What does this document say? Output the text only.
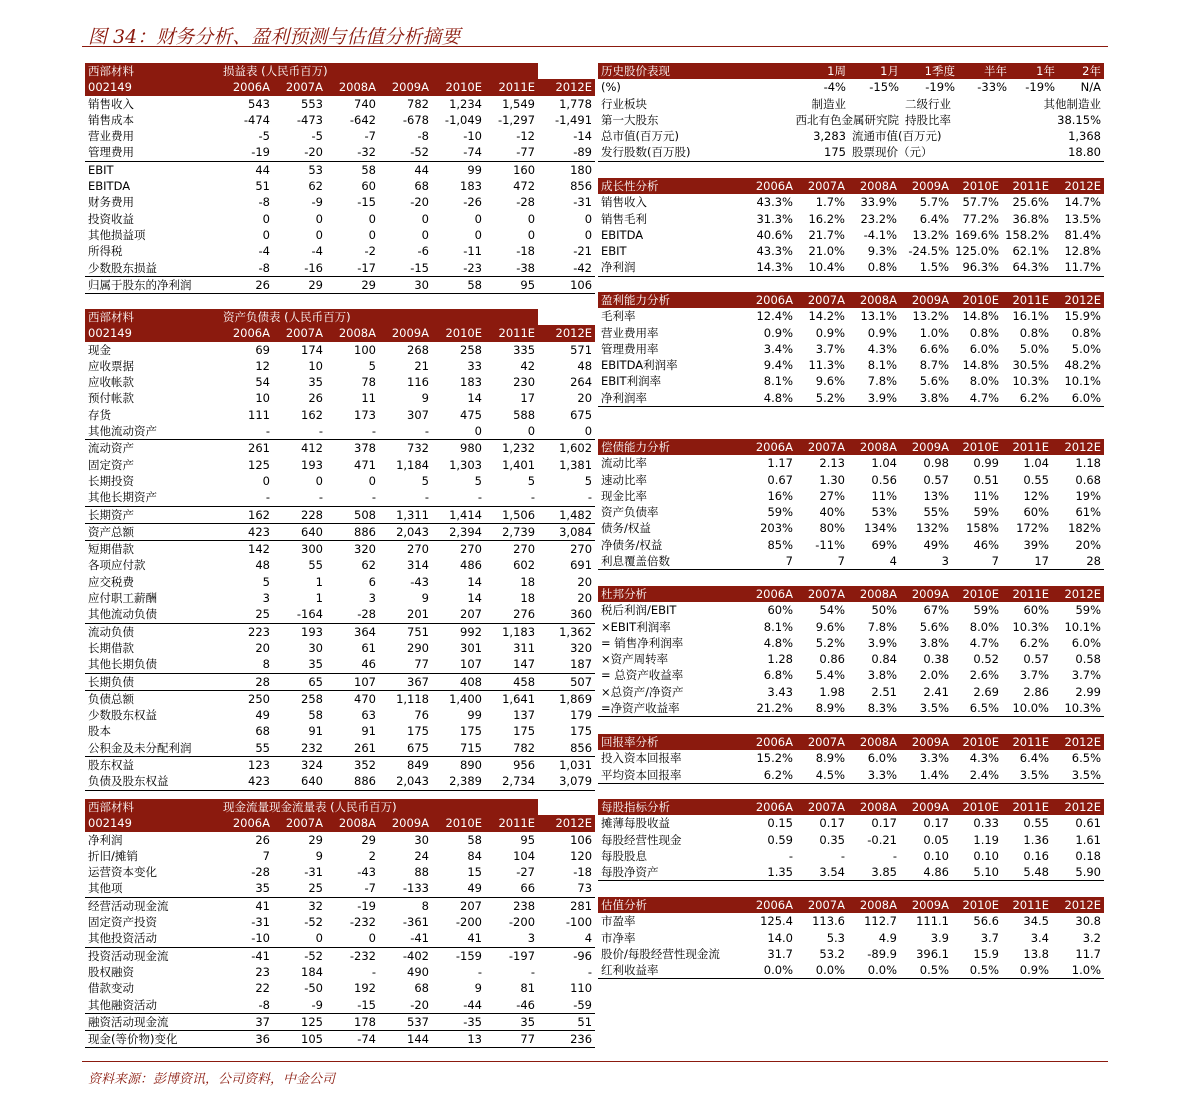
图 34：财务分析、盈利预测与估值分析摘要
西部材料	损益表 (人民币百万)						
002149	2006A	2007A	2008A	2009A	2010E	2011E	2012E
销售收入	543	553	740	782	1,234	1,549	1,778
销售成本	-474	-473	-642	-678	-1,049	-1,297	-1,491
营业费用	-5	-5	-7	-8	-10	-12	-14
管理费用	-19	-20	-32	-52	-74	-77	-89
EBIT	44	53	58	44	99	160	180
EBITDA	51	62	60	68	183	472	856
财务费用	-8	-9	-15	-20	-26	-28	-31
投资收益	0	0	0	0	0	0	0
其他损益项	0	0	0	0	0	0	0
所得税	-4	-4	-2	-6	-11	-18	-21
少数股东损益	-8	-16	-17	-15	-23	-38	-42
归属于股东的净利润	26	29	29	30	58	95	106
西部材料	资产负债表 (人民币百万)						
002149	2006A	2007A	2008A	2009A	2010E	2011E	2012E
现金	69	174	100	268	258	335	571
应收票据	12	10	5	21	33	42	48
应收帐款	54	35	78	116	183	230	264
预付帐款	10	26	11	9	14	17	20
存货	111	162	173	307	475	588	675
其他流动资产	-	-	-	-	0	0	0
流动资产	261	412	378	732	980	1,232	1,602
固定资产	125	193	471	1,184	1,303	1,401	1,381
长期投资	0	0	0	5	5	5	5
其他长期资产	-	-	-	-	-	-	-
长期资产	162	228	508	1,311	1,414	1,506	1,482
资产总额	423	640	886	2,043	2,394	2,739	3,084
短期借款	142	300	320	270	270	270	270
各项应付款	48	55	62	314	486	602	691
应交税费	5	1	6	-43	14	18	20
应付职工薪酬	3	1	3	9	14	18	20
其他流动负债	25	-164	-28	201	207	276	360
流动负债	223	193	364	751	992	1,183	1,362
长期借款	20	30	61	290	301	311	320
其他长期负债	8	35	46	77	107	147	187
长期负债	28	65	107	367	408	458	507
负债总额	250	258	470	1,118	1,400	1,641	1,869
少数股东权益	49	58	63	76	99	137	179
股本	68	91	91	175	175	175	175
公积金及未分配利润	55	232	261	675	715	782	856
股东权益	123	324	352	849	890	956	1,031
负债及股东权益	423	640	886	2,043	2,389	2,734	3,079
西部材料	现金流量现金流量表 (人民币百万)						
002149	2006A	2007A	2008A	2009A	2010E	2011E	2012E
净利润	26	29	29	30	58	95	106
折旧/摊销	7	9	2	24	84	104	120
运营资本变化	-28	-31	-43	88	15	-27	-18
其他项	35	25	-7	-133	49	66	73
经营活动现金流	41	32	-19	8	207	238	281
固定资产投资	-31	-52	-232	-361	-200	-200	-100
其他投资活动	-10	0	0	-41	41	3	4
投资活动现金流	-41	-52	-232	-402	-159	-197	-96
股权融资	23	184	-	490	-	-	-
借款变动	22	-50	192	68	9	81	110
其他融资活动	-8	-9	-15	-20	-44	-46	-59
融资活动现金流	37	125	178	537	-35	35	51
现金(等价物)变化	36	105	-74	144	13	77	236
历史股价表现	1周	1月	1季度	半年	1年	2年
(%)	-4%	-15%	-19%	-33%	-19%	N/A
行业板块	制造业		二级行业		其他制造业	
第一大股东	西北有色金属研究院		持股比率	38.15%		
总市值(百万元)	3,283	流通市值(百万元)		1,368		
发行股数(百万股)	175	股票现价（元）		18.80		
成长性分析	2006A	2007A	2008A	2009A	2010E	2011E	2012E
销售收入	43.3%	1.7%	33.9%	5.7%	57.7%	25.6%	14.7%
销售毛利	31.3%	16.2%	23.2%	6.4%	77.2%	36.8%	13.5%
EBITDA	40.6%	21.7%	-4.1%	13.2%	169.6%	158.2%	81.4%
EBIT	43.3%	21.0%	9.3%	-24.5%	125.0%	62.1%	12.8%
净利润	14.3%	10.4%	0.8%	1.5%	96.3%	64.3%	11.7%
盈利能力分析	2006A	2007A	2008A	2009A	2010E	2011E	2012E
毛利率	12.4%	14.2%	13.1%	13.2%	14.8%	16.1%	15.9%
营业费用率	0.9%	0.9%	0.9%	1.0%	0.8%	0.8%	0.8%
管理费用率	3.4%	3.7%	4.3%	6.6%	6.0%	5.0%	5.0%
EBITDA利润率	9.4%	11.3%	8.1%	8.7%	14.8%	30.5%	48.2%
EBIT利润率	8.1%	9.6%	7.8%	5.6%	8.0%	10.3%	10.1%
净利润率	4.8%	5.2%	3.9%	3.8%	4.7%	6.2%	6.0%
偿债能力分析	2006A	2007A	2008A	2009A	2010E	2011E	2012E
流动比率	1.17	2.13	1.04	0.98	0.99	1.04	1.18
速动比率	0.67	1.30	0.56	0.57	0.51	0.55	0.68
现金比率	16%	27%	11%	13%	11%	12%	19%
资产负债率	59%	40%	53%	55%	59%	60%	61%
债务/权益	203%	80%	134%	132%	158%	172%	182%
净债务/权益	85%	-11%	69%	49%	46%	39%	20%
利息覆盖倍数	7	7	4	3	7	17	28
杜邦分析	2006A	2007A	2008A	2009A	2010E	2011E	2012E
税后利润/EBIT	60%	54%	50%	67%	59%	60%	59%
×EBIT利润率	8.1%	9.6%	7.8%	5.6%	8.0%	10.3%	10.1%
= 销售净利润率	4.8%	5.2%	3.9%	3.8%	4.7%	6.2%	6.0%
×资产周转率	1.28	0.86	0.84	0.38	0.52	0.57	0.58
= 总资产收益率	6.8%	5.4%	3.8%	2.0%	2.6%	3.7%	3.7%
×总资产/净资产	3.43	1.98	2.51	2.41	2.69	2.86	2.99
=净资产收益率	21.2%	8.9%	8.3%	3.5%	6.5%	10.0%	10.3%
回报率分析	2006A	2007A	2008A	2009A	2010E	2011E	2012E
投入资本回报率	15.2%	8.9%	6.0%	3.3%	4.3%	6.4%	6.5%
平均资本回报率	6.2%	4.5%	3.3%	1.4%	2.4%	3.5%	3.5%
每股指标分析	2006A	2007A	2008A	2009A	2010E	2011E	2012E
摊薄每股收益	0.15	0.17	0.17	0.17	0.33	0.55	0.61
每股经营性现金	0.59	0.35	-0.21	0.05	1.19	1.36	1.61
每股股息	-	-	-	0.10	0.10	0.16	0.18
每股净资产	1.35	3.54	3.85	4.86	5.10	5.48	5.90
估值分析	2006A	2007A	2008A	2009A	2010E	2011E	2012E
市盈率	125.4	113.6	112.7	111.1	56.6	34.5	30.8
市净率	14.0	5.3	4.9	3.9	3.7	3.4	3.2
股价/每股经营性现金流	31.7	53.2	-89.9	396.1	15.9	13.8	11.7
红利收益率	0.0%	0.0%	0.0%	0.5%	0.5%	0.9%	1.0%
资料来源：彭博资讯，公司资料，中金公司
